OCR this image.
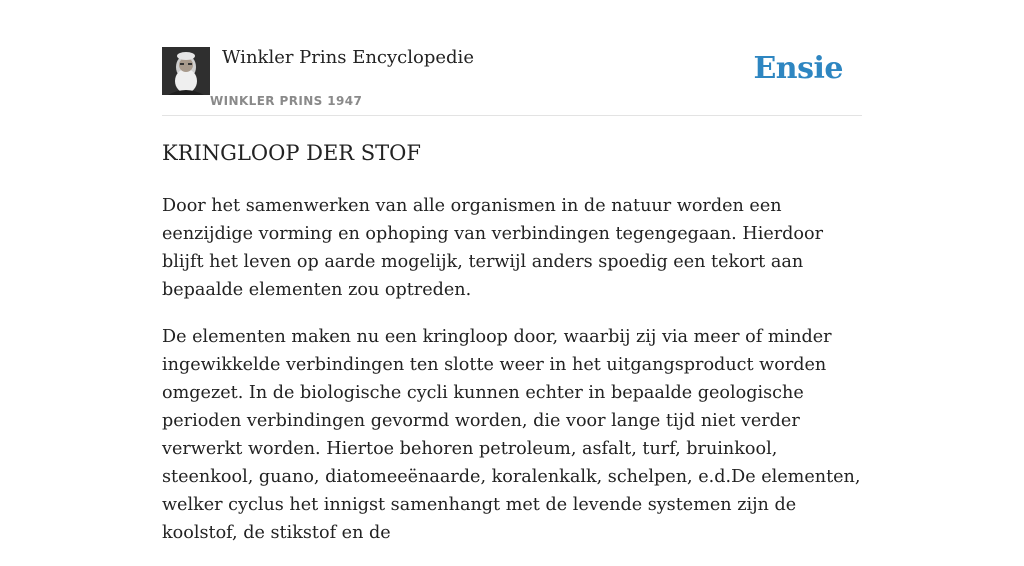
Winkler Prins Encyclopedie
WINKLER PRINS 1947
Ensie
KRINGLOOP DER STOF

Door het samenwerken van alle organismen in de natuur worden een eenzijdige vorming en ophoping van verbindingen tegengegaan. Hierdoor blijft het leven op aarde mogelijk, terwijl anders spoedig een tekort aan bepaalde elementen zou optreden.

De elementen maken nu een kringloop door, waarbij zij via meer of minder ingewikkelde verbindingen ten slotte weer in het uitgangsproduct worden omgezet. In de biologische cycli kunnen echter in bepaalde geologische perioden verbindingen gevormd worden, die voor lange tijd niet verder verwerkt worden. Hiertoe behoren petroleum, asfalt, turf, bruinkool, steenkool, guano, diatomeeënaarde, koralenkalk, schelpen, e.d.De elementen, welker cyclus het innigst samenhangt met de levende systemen zijn de koolstof, de stikstof en de
